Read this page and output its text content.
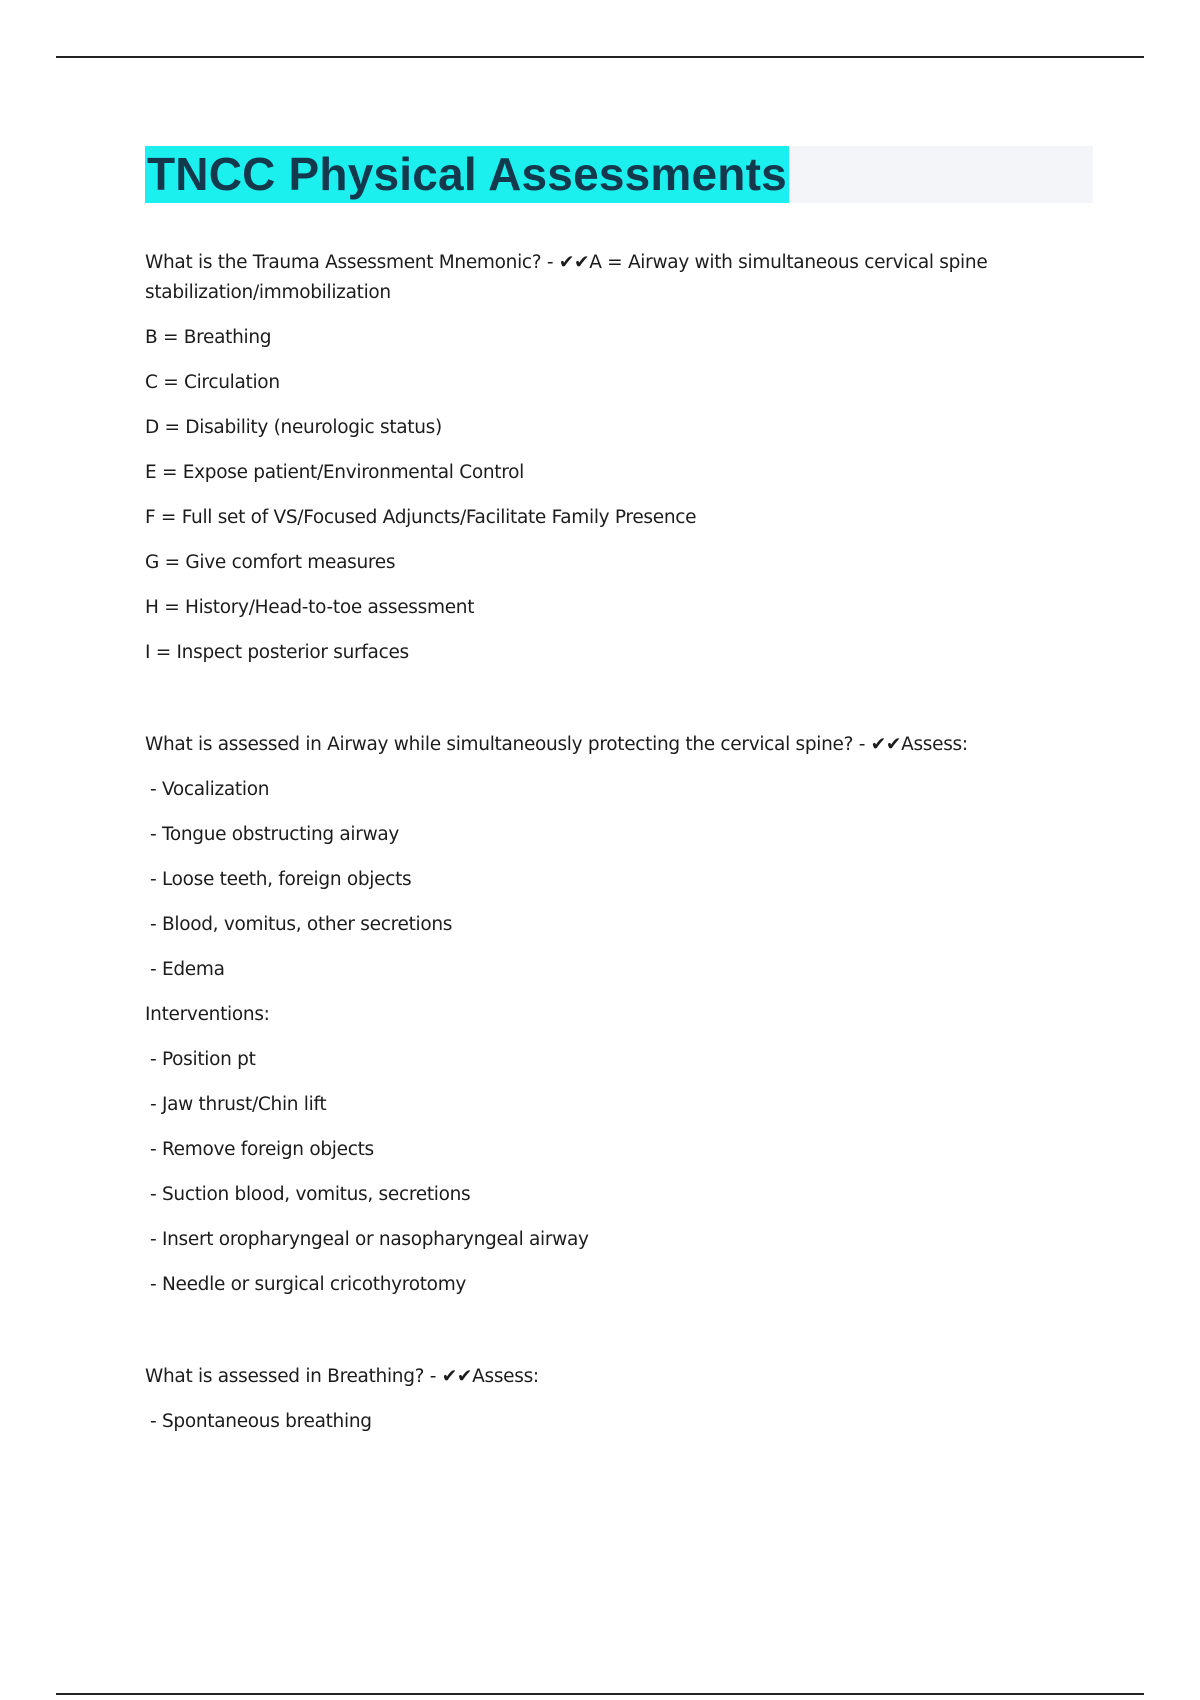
TNCC Physical Assessments
What is the Trauma Assessment Mnemonic? - ✔✔A = Airway with simultaneous cervical spine stabilization/immobilization
B = Breathing
C = Circulation
D = Disability (neurologic status)
E = Expose patient/Environmental Control
F = Full set of VS/Focused Adjuncts/Facilitate Family Presence
G = Give comfort measures
H = History/Head-to-toe assessment
I = Inspect posterior surfaces
What is assessed in Airway while simultaneously protecting the cervical spine? - ✔✔Assess:
- Vocalization
- Tongue obstructing airway
- Loose teeth, foreign objects
- Blood, vomitus, other secretions
- Edema
Interventions:
- Position pt
- Jaw thrust/Chin lift
- Remove foreign objects
- Suction blood, vomitus, secretions
- Insert oropharyngeal or nasopharyngeal airway
- Needle or surgical cricothyrotomy
What is assessed in Breathing? - ✔✔Assess:
- Spontaneous breathing
